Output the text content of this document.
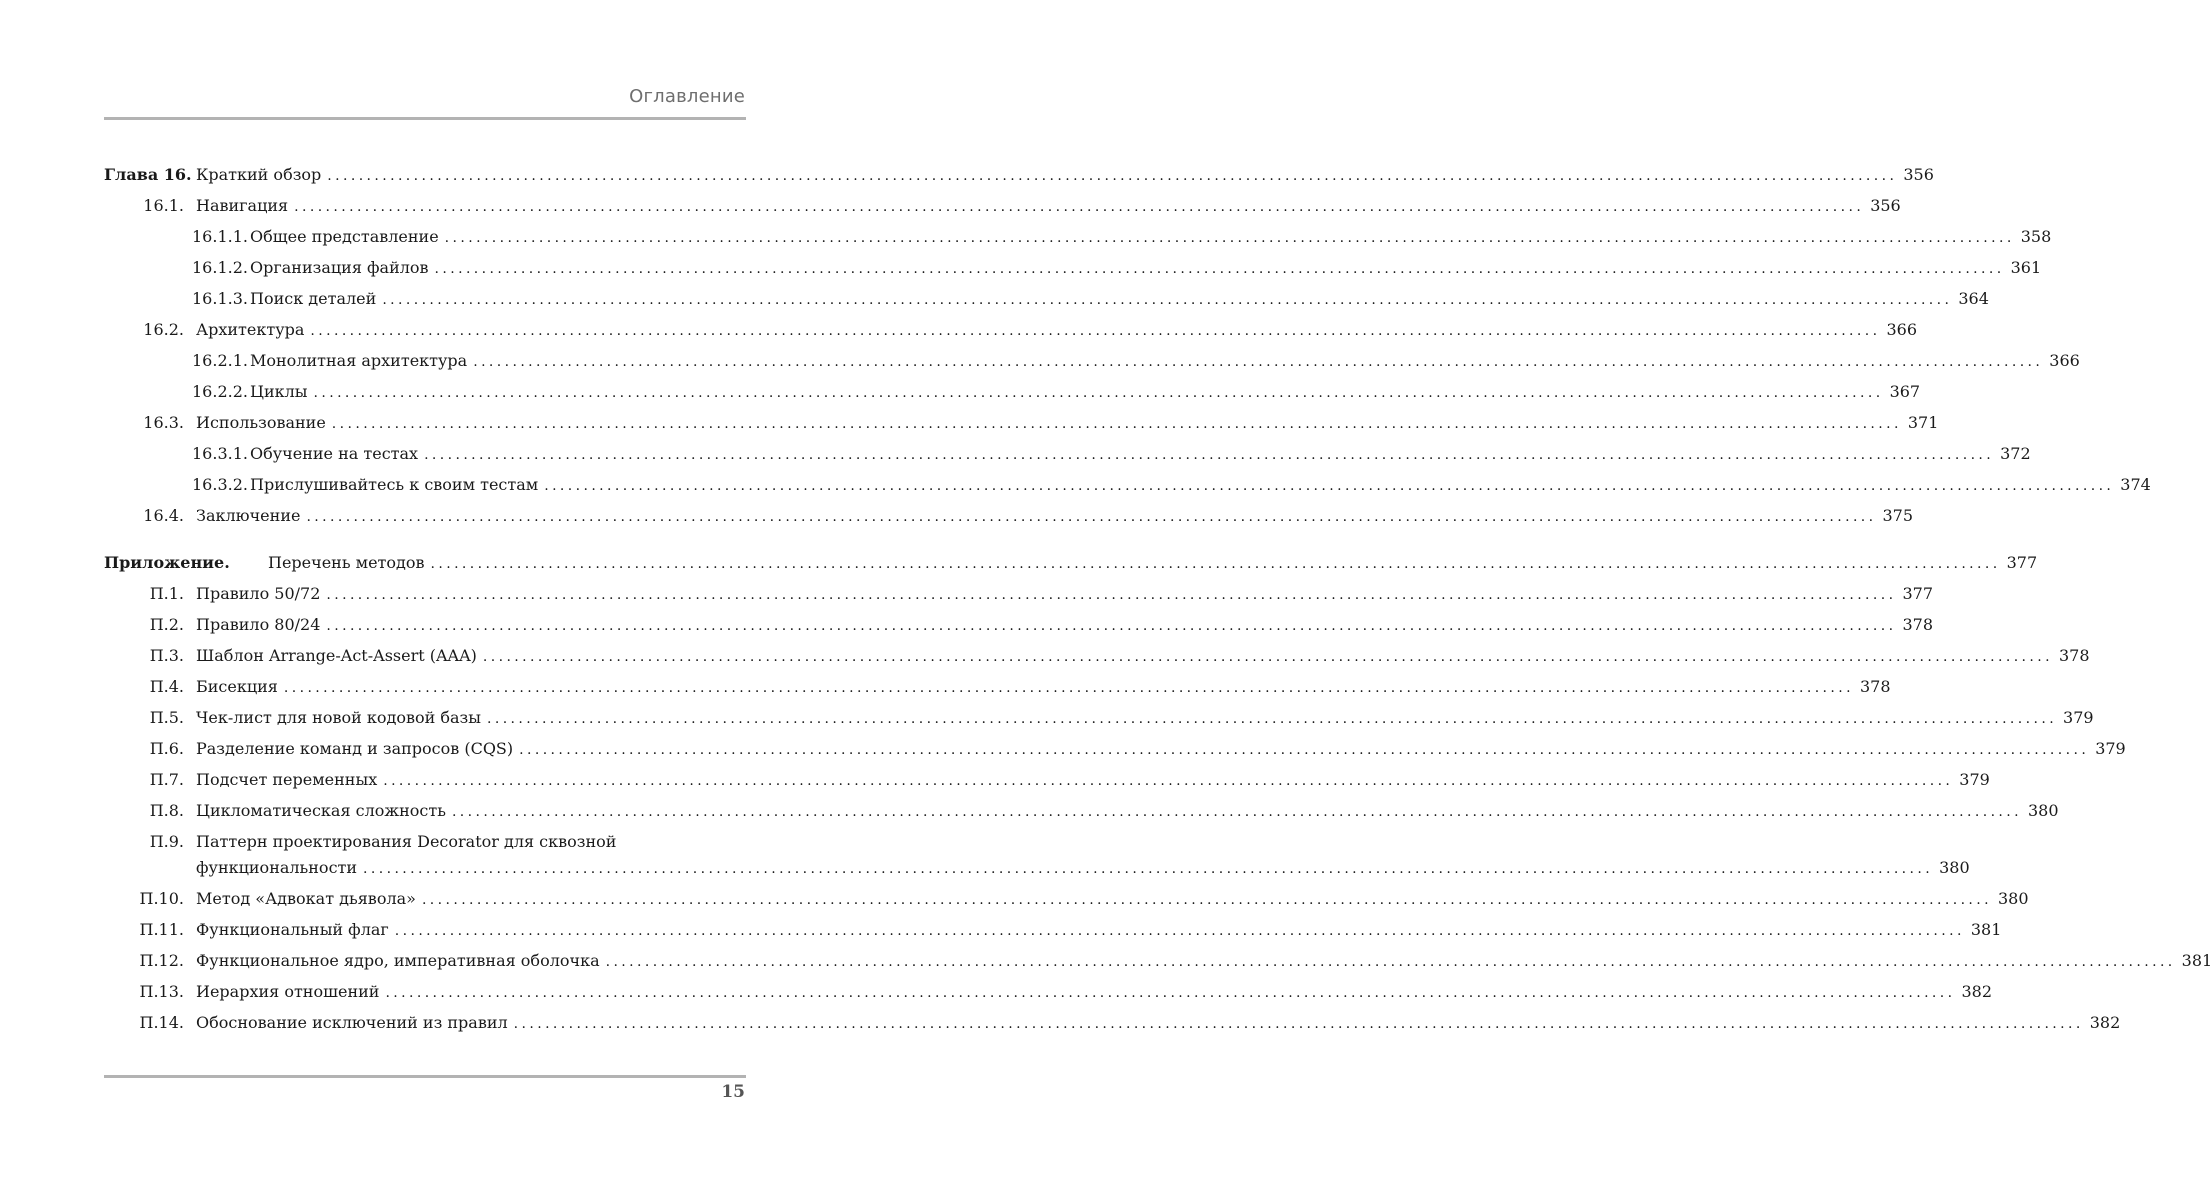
Оглавление
Глава 16. Краткий обзор ........................................................................................................................................................................................................ 356
16.1. Навигация ........................................................................................................................................................................................................ 356
16.1.1. Общее представление ........................................................................................................................................................................................................ 358
16.1.2. Организация файлов ........................................................................................................................................................................................................ 361
16.1.3. Поиск деталей ........................................................................................................................................................................................................ 364
16.2. Архитектура ........................................................................................................................................................................................................ 366
16.2.1. Монолитная архитектура ........................................................................................................................................................................................................ 366
16.2.2. Циклы ........................................................................................................................................................................................................ 367
16.3. Использование ........................................................................................................................................................................................................ 371
16.3.1. Обучение на тестах ........................................................................................................................................................................................................ 372
16.3.2. Прислушивайтесь к своим тестам ........................................................................................................................................................................................................ 374
16.4. Заключение ........................................................................................................................................................................................................ 375
Приложение. Перечень методов ........................................................................................................................................................................................................ 377
П.1. Правило 50/72 ........................................................................................................................................................................................................ 377
П.2. Правило 80/24 ........................................................................................................................................................................................................ 378
П.3. Шаблон Arrange-Act-Assert (AAA) ........................................................................................................................................................................................................ 378
П.4. Бисекция ........................................................................................................................................................................................................ 378
П.5. Чек-лист для новой кодовой базы ........................................................................................................................................................................................................ 379
П.6. Разделение команд и запросов (CQS) ........................................................................................................................................................................................................ 379
П.7. Подсчет переменных ........................................................................................................................................................................................................ 379
П.8. Цикломатическая сложность ........................................................................................................................................................................................................ 380
П.9. Паттерн проектирования Decorator для сквозной
функциональности ........................................................................................................................................................................................................ 380
П.10. Метод «Адвокат дьявола» ........................................................................................................................................................................................................ 380
П.11. Функциональный флаг ........................................................................................................................................................................................................ 381
П.12. Функциональное ядро, императивная оболочка ........................................................................................................................................................................................................ 381
П.13. Иерархия отношений ........................................................................................................................................................................................................ 382
П.14. Обоснование исключений из правил ........................................................................................................................................................................................................ 382
15
